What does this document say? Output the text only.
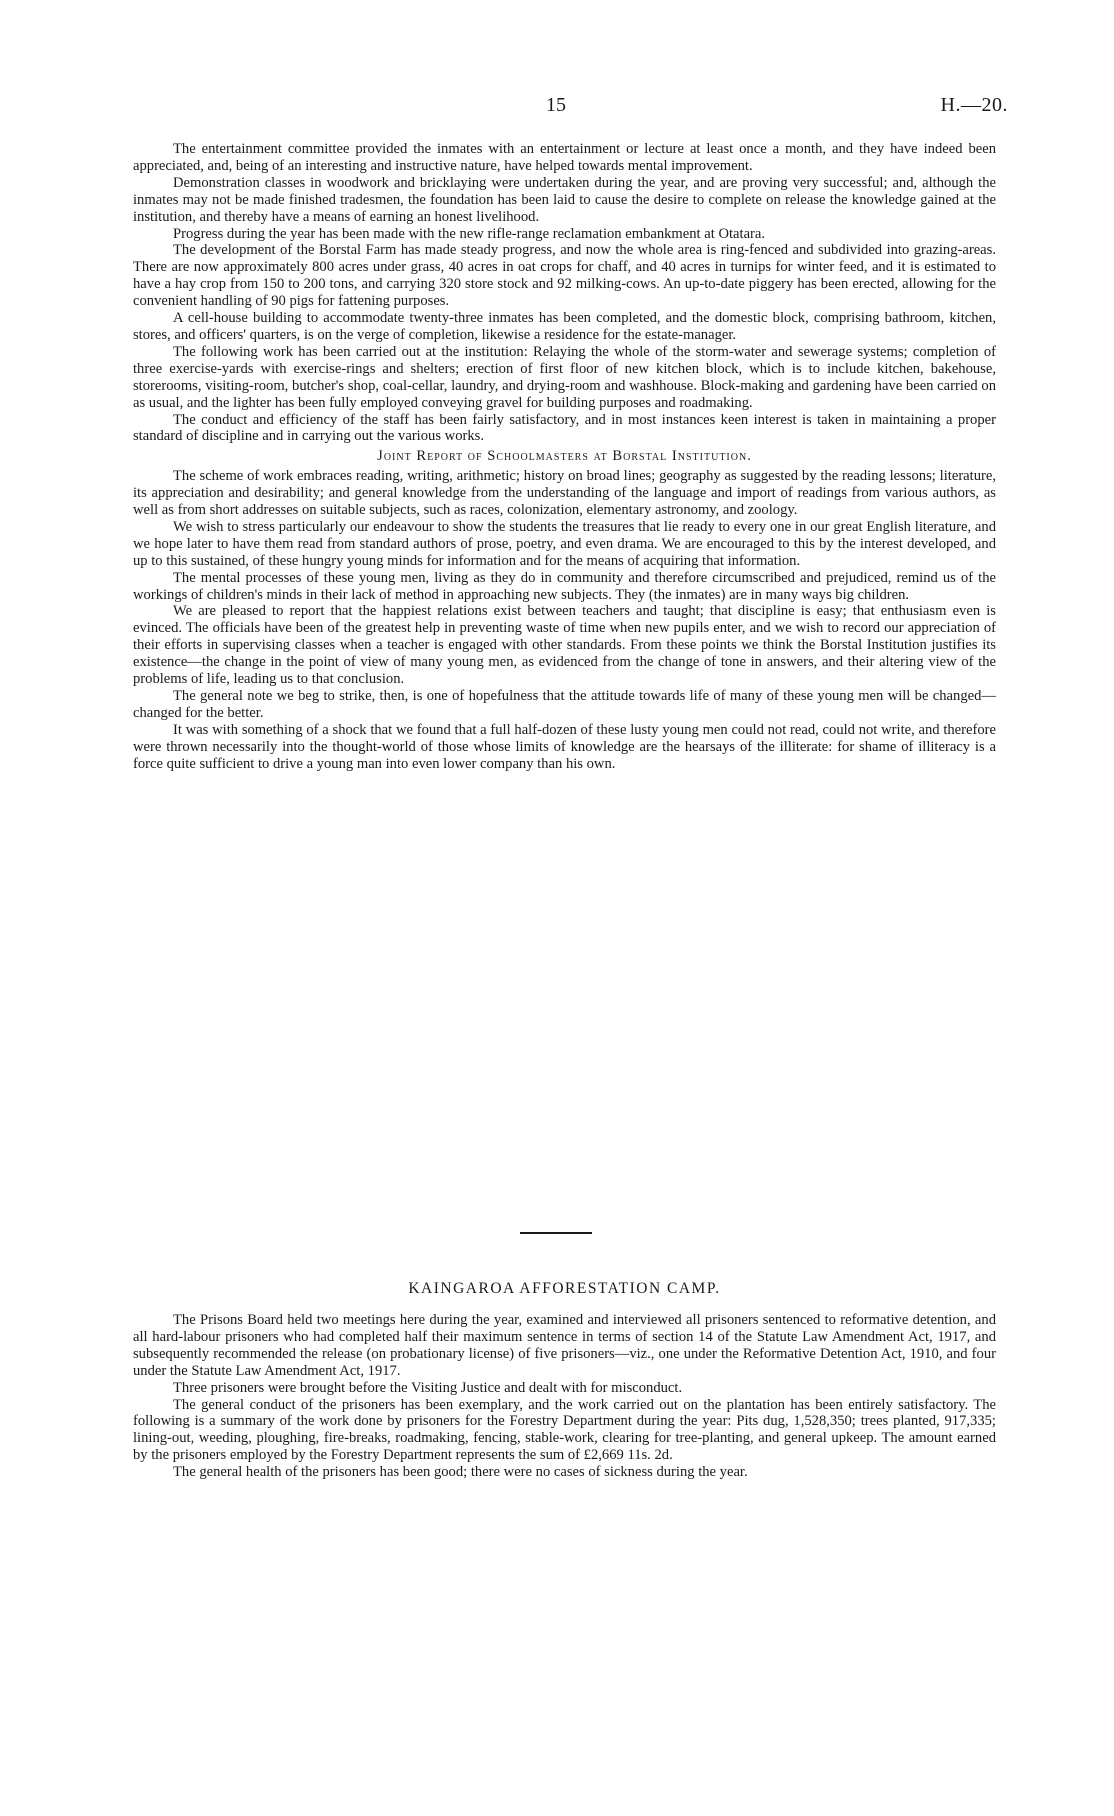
15	H.—20.

The entertainment committee provided the inmates with an entertainment or lecture at least once a month, and they have indeed been appreciated, and, being of an interesting and instructive nature, have helped towards mental improvement.

Demonstration classes in woodwork and bricklaying were undertaken during the year, and are proving very successful; and, although the inmates may not be made finished tradesmen, the foundation has been laid to cause the desire to complete on release the knowledge gained at the institution, and thereby have a means of earning an honest livelihood.

Progress during the year has been made with the new rifle-range reclamation embankment at Otatara.

The development of the Borstal Farm has made steady progress, and now the whole area is ring-fenced and subdivided into grazing-areas. There are now approximately 800 acres under grass, 40 acres in oat crops for chaff, and 40 acres in turnips for winter feed, and it is estimated to have a hay crop from 150 to 200 tons, and carrying 320 store stock and 92 milking-cows. An up-to-date piggery has been erected, allowing for the convenient handling of 90 pigs for fattening purposes.

A cell-house building to accommodate twenty-three inmates has been completed, and the domestic block, comprising bathroom, kitchen, stores, and officers' quarters, is on the verge of completion, likewise a residence for the estate-manager.

The following work has been carried out at the institution: Relaying the whole of the storm-water and sewerage systems; completion of three exercise-yards with exercise-rings and shelters; erection of first floor of new kitchen block, which is to include kitchen, bakehouse, storerooms, visiting-room, butcher's shop, coal-cellar, laundry, and drying-room and washhouse. Block-making and gardening have been carried on as usual, and the lighter has been fully employed conveying gravel for building purposes and roadmaking.

The conduct and efficiency of the staff has been fairly satisfactory, and in most instances keen interest is taken in maintaining a proper standard of discipline and in carrying out the various works.

Joint Report of Schoolmasters at Borstal Institution.

The scheme of work embraces reading, writing, arithmetic; history on broad lines; geography as suggested by the reading lessons; literature, its appreciation and desirability; and general knowledge from the understanding of the language and import of readings from various authors, as well as from short addresses on suitable subjects, such as races, colonization, elementary astronomy, and zoology.

We wish to stress particularly our endeavour to show the students the treasures that lie ready to every one in our great English literature, and we hope later to have them read from standard authors of prose, poetry, and even drama. We are encouraged to this by the interest developed, and up to this sustained, of these hungry young minds for information and for the means of acquiring that information.

The mental processes of these young men, living as they do in community and therefore circumscribed and prejudiced, remind us of the workings of children's minds in their lack of method in approaching new subjects. They (the inmates) are in many ways big children.

We are pleased to report that the happiest relations exist between teachers and taught; that discipline is easy; that enthusiasm even is evinced. The officials have been of the greatest help in preventing waste of time when new pupils enter, and we wish to record our appreciation of their efforts in supervising classes when a teacher is engaged with other standards. From these points we think the Borstal Institution justifies its existence—the change in the point of view of many young men, as evidenced from the change of tone in answers, and their altering view of the problems of life, leading us to that conclusion.

The general note we beg to strike, then, is one of hopefulness that the attitude towards life of many of these young men will be changed—changed for the better.

It was with something of a shock that we found that a full half-dozen of these lusty young men could not read, could not write, and therefore were thrown necessarily into the thought-world of those whose limits of knowledge are the hearsays of the illiterate: for shame of illiteracy is a force quite sufficient to drive a young man into even lower company than his own.

KAINGAROA AFFORESTATION CAMP.

The Prisons Board held two meetings here during the year, examined and interviewed all prisoners sentenced to reformative detention, and all hard-labour prisoners who had completed half their maximum sentence in terms of section 14 of the Statute Law Amendment Act, 1917, and subsequently recommended the release (on probationary license) of five prisoners—viz., one under the Reformative Detention Act, 1910, and four under the Statute Law Amendment Act, 1917.

Three prisoners were brought before the Visiting Justice and dealt with for misconduct.

The general conduct of the prisoners has been exemplary, and the work carried out on the plantation has been entirely satisfactory. The following is a summary of the work done by prisoners for the Forestry Department during the year: Pits dug, 1,528,350; trees planted, 917,335; lining-out, weeding, ploughing, fire-breaks, roadmaking, fencing, stable-work, clearing for tree-planting, and general upkeep. The amount earned by the prisoners employed by the Forestry Department represents the sum of £2,669 11s. 2d.

The general health of the prisoners has been good; there were no cases of sickness during the year.
